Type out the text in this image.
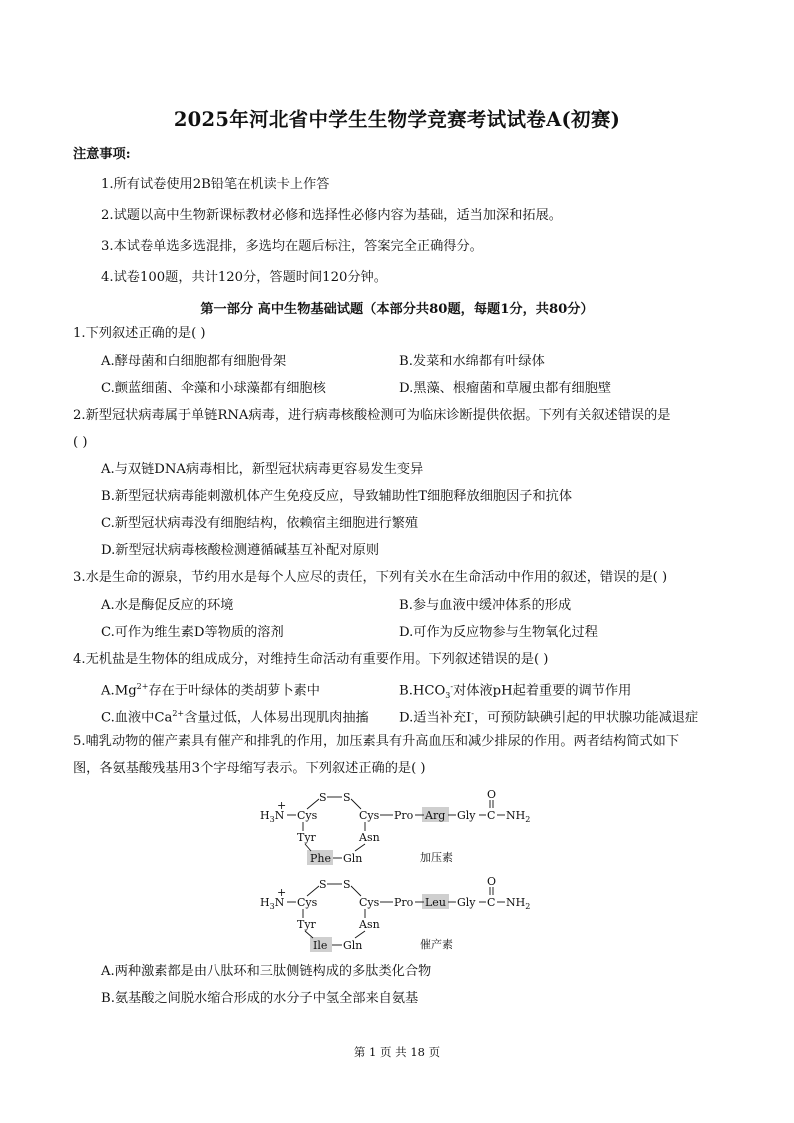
2025年河北省中学生生物学竞赛考试试卷A(初赛)
注意事项:
1.所有试卷使用2B铅笔在机读卡上作答
2.试题以高中生物新课标教材必修和选择性必修内容为基础，适当加深和拓展。
3.本试卷单选多选混排，多选均在题后标注，答案完全正确得分。
4.试卷100题，共计120分，答题时间120分钟。
第一部分 高中生物基础试题（本部分共80题，每题1分，共80分）
1.下列叙述正确的是( )
A.酵母菌和白细胞都有细胞骨架	B.发菜和水绵都有叶绿体
C.颤蓝细菌、伞藻和小球藻都有细胞核	D.黑藻、根瘤菌和草履虫都有细胞壁
2.新型冠状病毒属于单链RNA病毒，进行病毒核酸检测可为临床诊断提供依据。下列有关叙述错误的是
( )
A.与双链DNA病毒相比，新型冠状病毒更容易发生变异
B.新型冠状病毒能刺激机体产生免疫反应，导致辅助性T细胞释放细胞因子和抗体
C.新型冠状病毒没有细胞结构，依赖宿主细胞进行繁殖
D.新型冠状病毒核酸检测遵循碱基互补配对原则
3.水是生命的源泉，节约用水是每个人应尽的责任，下列有关水在生命活动中作用的叙述，错误的是( )
A.水是酶促反应的环境	B.参与血液中缓冲体系的形成
C.可作为维生素D等物质的溶剂	D.可作为反应物参与生物氧化过程
4.无机盐是生物体的组成成分，对维持生命活动有重要作用。下列叙述错误的是( )
$A.Mg^{2+}$存在于叶绿体的类胡萝卜素中	$B.HCO_3^-$对体液pH起着重要的调节作用
C.血液中$Ca^{2+}$含量过低，人体易出现肌肉抽搐 D.适当补充I-，可预防缺碘引起的甲状腺功能减退症
5.哺乳动物的催产素具有催产和排乳的作用，加压素具有升高血压和减少排尿的作用。两者结构简式如下
图，各氨基酸残基用3个字母缩写表示。下列叙述正确的是( )
$H_3N$
+
Cys
S S
Cys Pro Arg Gly C
O
$NH_2$
Tyr	Asn
Phe Gln	加压素
$H_3N$
+
Cys
S S
Cys Pro Leu Gly C
O
$NH_2$
Tyr	Asn
Ile Gln	催产素
A.两种激素都是由八肽环和三肽侧链构成的多肽类化合物
B.氨基酸之间脱水缩合形成的水分子中氢全部来自氨基
第 1 页 共 18 页
